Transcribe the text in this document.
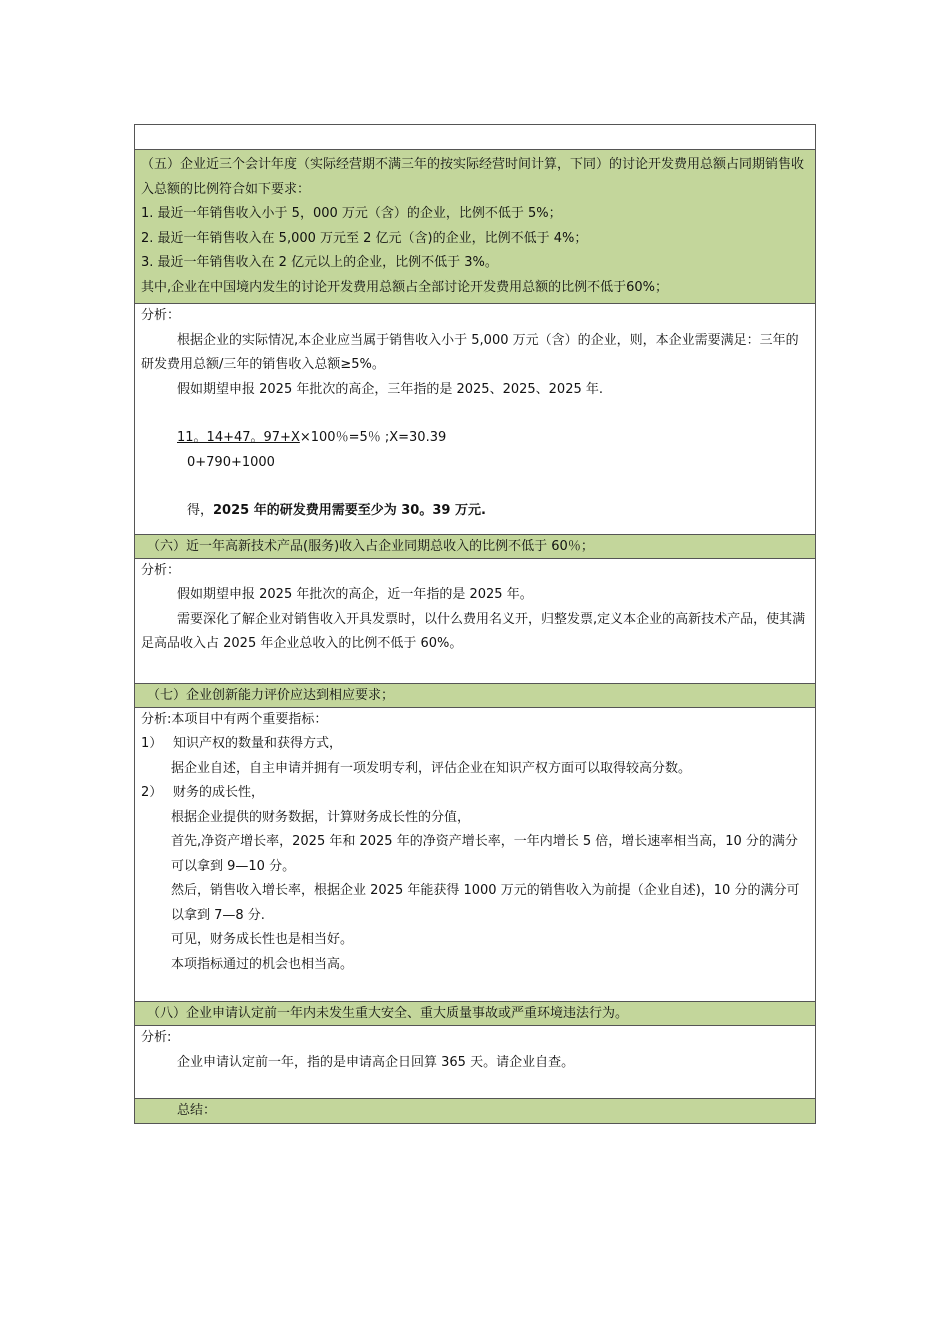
（五）企业近三个会计年度（实际经营期不满三年的按实际经营时间计算，下同）的讨论开发费用总额占同期销售收入总额的比例符合如下要求：
1. 最近一年销售收入小于 5，000 万元（含）的企业，比例不低于 5%；
2. 最近一年销售收入在 5,000 万元至 2 亿元（含)的企业，比例不低于 4%；
3. 最近一年销售收入在 2 亿元以上的企业，比例不低于 3%。
其中,企业在中国境内发生的讨论开发费用总额占全部讨论开发费用总额的比例不低于60%；
分析：
根据企业的实际情况,本企业应当属于销售收入小于 5,000 万元（含）的企业，则，本企业需要满足：三年的研发费用总额/三年的销售收入总额≥5%。
假如期望申报 2025 年批次的高企，三年指的是 2025、2025、2025 年.
11。14+47。97+X×100％=5％ ;X=30.39
0+790+1000
得，2025 年的研发费用需要至少为 30。39 万元.
（六）近一年高新技术产品(服务)收入占企业同期总收入的比例不低于 60％；
分析：
假如期望申报 2025 年批次的高企，近一年指的是 2025 年。
需要深化了解企业对销售收入开具发票时，以什么费用名义开，归整发票,定义本企业的高新技术产品，使其满足高品收入占 2025 年企业总收入的比例不低于 60%。
（七）企业创新能力评价应达到相应要求；
分析:本项目中有两个重要指标：
1） 知识产权的数量和获得方式，
据企业自述，自主申请并拥有一项发明专利，评估企业在知识产权方面可以取得较高分数。
2） 财务的成长性，
根据企业提供的财务数据，计算财务成长性的分值，
首先,净资产增长率，2025 年和 2025 年的净资产增长率，一年内增长 5 倍，增长速率相当高，10 分的满分可以拿到 9—10 分。
然后，销售收入增长率，根据企业 2025 年能获得 1000 万元的销售收入为前提（企业自述)，10 分的满分可以拿到 7—8 分.
可见，财务成长性也是相当好。
本项指标通过的机会也相当高。
（八）企业申请认定前一年内未发生重大安全、重大质量事故或严重环境违法行为。
分析:
企业申请认定前一年，指的是申请高企日回算 365 天。请企业自查。
总结：
